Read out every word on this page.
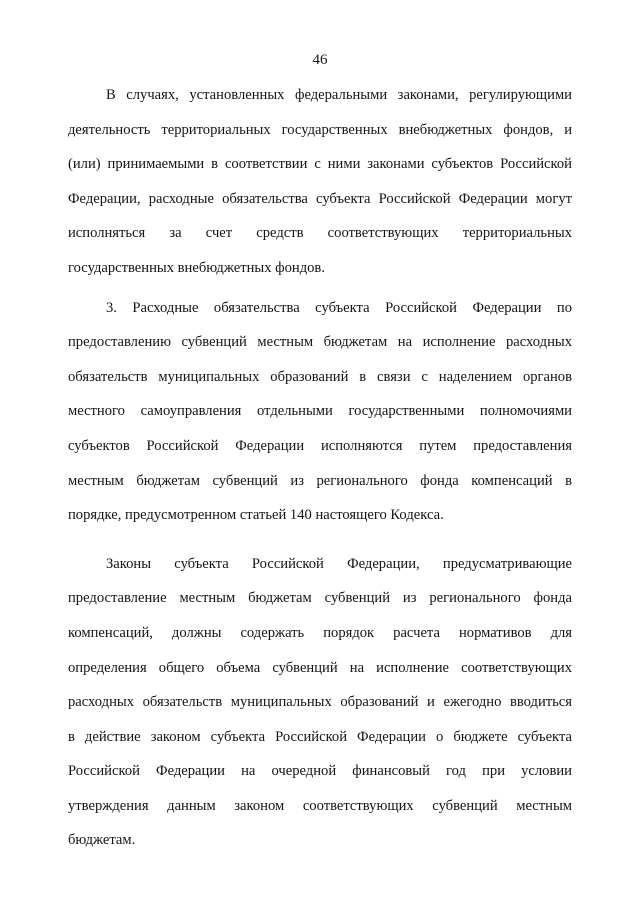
46
В случаях, установленных федеральными законами, регулирующими
деятельность территориальных государственных внебюджетных фондов, и
(или) принимаемыми в соответствии с ними законами субъектов Российской
Федерации, расходные обязательства субъекта Российской Федерации могут
исполняться за счет средств соответствующих территориальных
государственных внебюджетных фондов.
3. Расходные обязательства субъекта Российской Федерации по
предоставлению субвенций местным бюджетам на исполнение расходных
обязательств муниципальных образований в связи с наделением органов
местного самоуправления отдельными государственными полномочиями
субъектов Российской Федерации исполняются путем предоставления
местным бюджетам субвенций из регионального фонда компенсаций в
порядке, предусмотренном статьей 140 настоящего Кодекса.
Законы субъекта Российской Федерации, предусматривающие
предоставление местным бюджетам субвенций из регионального фонда
компенсаций, должны содержать порядок расчета нормативов для
определения общего объема субвенций на исполнение соответствующих
расходных обязательств муниципальных образований и ежегодно вводиться
в действие законом субъекта Российской Федерации о бюджете субъекта
Российской Федерации на очередной финансовый год при условии
утверждения данным законом соответствующих субвенций местным
бюджетам.
